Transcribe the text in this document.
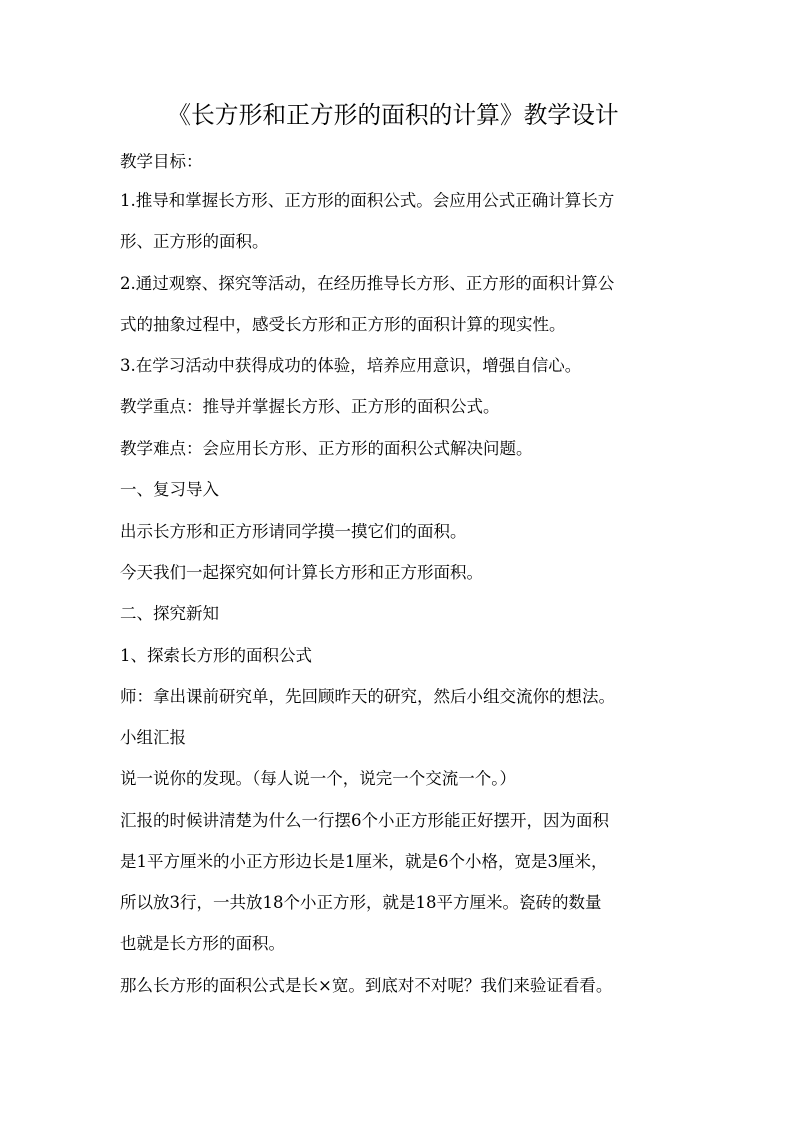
《长方形和正方形的面积的计算》教学设计
教学目标：
1.推导和掌握长方形、正方形的面积公式。会应用公式正确计算长方
形、正方形的面积。
2.通过观察、探究等活动，在经历推导长方形、正方形的面积计算公
式的抽象过程中，感受长方形和正方形的面积计算的现实性。
3.在学习活动中获得成功的体验，培养应用意识，增强自信心。
教学重点：推导并掌握长方形、正方形的面积公式。
教学难点：会应用长方形、正方形的面积公式解决问题。
一、复习导入
出示长方形和正方形请同学摸一摸它们的面积。
今天我们一起探究如何计算长方形和正方形面积。
二、探究新知
1、探索长方形的面积公式
师：拿出课前研究单，先回顾昨天的研究，然后小组交流你的想法。
小组汇报
说一说你的发现。（每人说一个，说完一个交流一个。）
汇报的时候讲清楚为什么一行摆6个小正方形能正好摆开，因为面积
是1平方厘米的小正方形边长是1厘米，就是6个小格，宽是3厘米，
所以放3行，一共放18个小正方形，就是18平方厘米。瓷砖的数量
也就是长方形的面积。
那么长方形的面积公式是长×宽。到底对不对呢？我们来验证看看。
